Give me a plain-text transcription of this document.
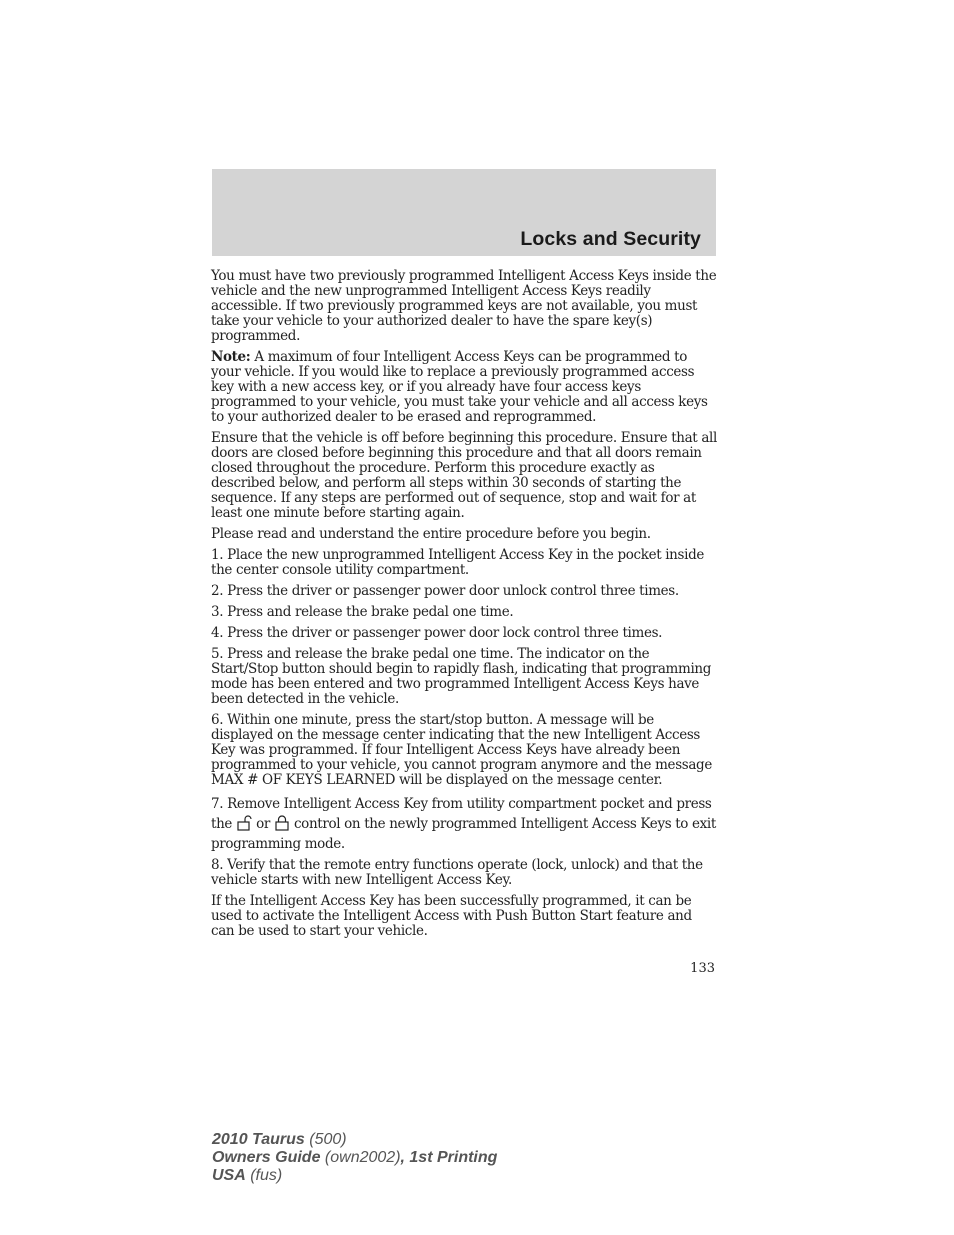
Locks and Security

You must have two previously programmed Intelligent Access Keys inside the vehicle and the new unprogrammed Intelligent Access Keys readily accessible. If two previously programmed keys are not available, you must take your vehicle to your authorized dealer to have the spare key(s) programmed.

Note: A maximum of four Intelligent Access Keys can be programmed to your vehicle. If you would like to replace a previously programmed access key with a new access key, or if you already have four access keys programmed to your vehicle, you must take your vehicle and all access keys to your authorized dealer to be erased and reprogrammed.

Ensure that the vehicle is off before beginning this procedure. Ensure that all doors are closed before beginning this procedure and that all doors remain closed throughout the procedure. Perform this procedure exactly as described below, and perform all steps within 30 seconds of starting the sequence. If any steps are performed out of sequence, stop and wait for at least one minute before starting again.

Please read and understand the entire procedure before you begin.

1. Place the new unprogrammed Intelligent Access Key in the pocket inside the center console utility compartment.

2. Press the driver or passenger power door unlock control three times.

3. Press and release the brake pedal one time.

4. Press the driver or passenger power door lock control three times.

5. Press and release the brake pedal one time. The indicator on the Start/Stop button should begin to rapidly flash, indicating that programming mode has been entered and two programmed Intelligent Access Keys have been detected in the vehicle.

6. Within one minute, press the start/stop button. A message will be displayed on the message center indicating that the new Intelligent Access Key was programmed. If four Intelligent Access Keys have already been programmed to your vehicle, you cannot program anymore and the message MAX # OF KEYS LEARNED will be displayed on the message center.

7. Remove Intelligent Access Key from utility compartment pocket and press the or control on the newly programmed Intelligent Access Keys to exit programming mode.

8. Verify that the remote entry functions operate (lock, unlock) and that the vehicle starts with new Intelligent Access Key.

If the Intelligent Access Key has been successfully programmed, it can be used to activate the Intelligent Access with Push Button Start feature and can be used to start your vehicle.

133
2010 Taurus (500)
Owners Guide (own2002), 1st Printing
USA (fus)
